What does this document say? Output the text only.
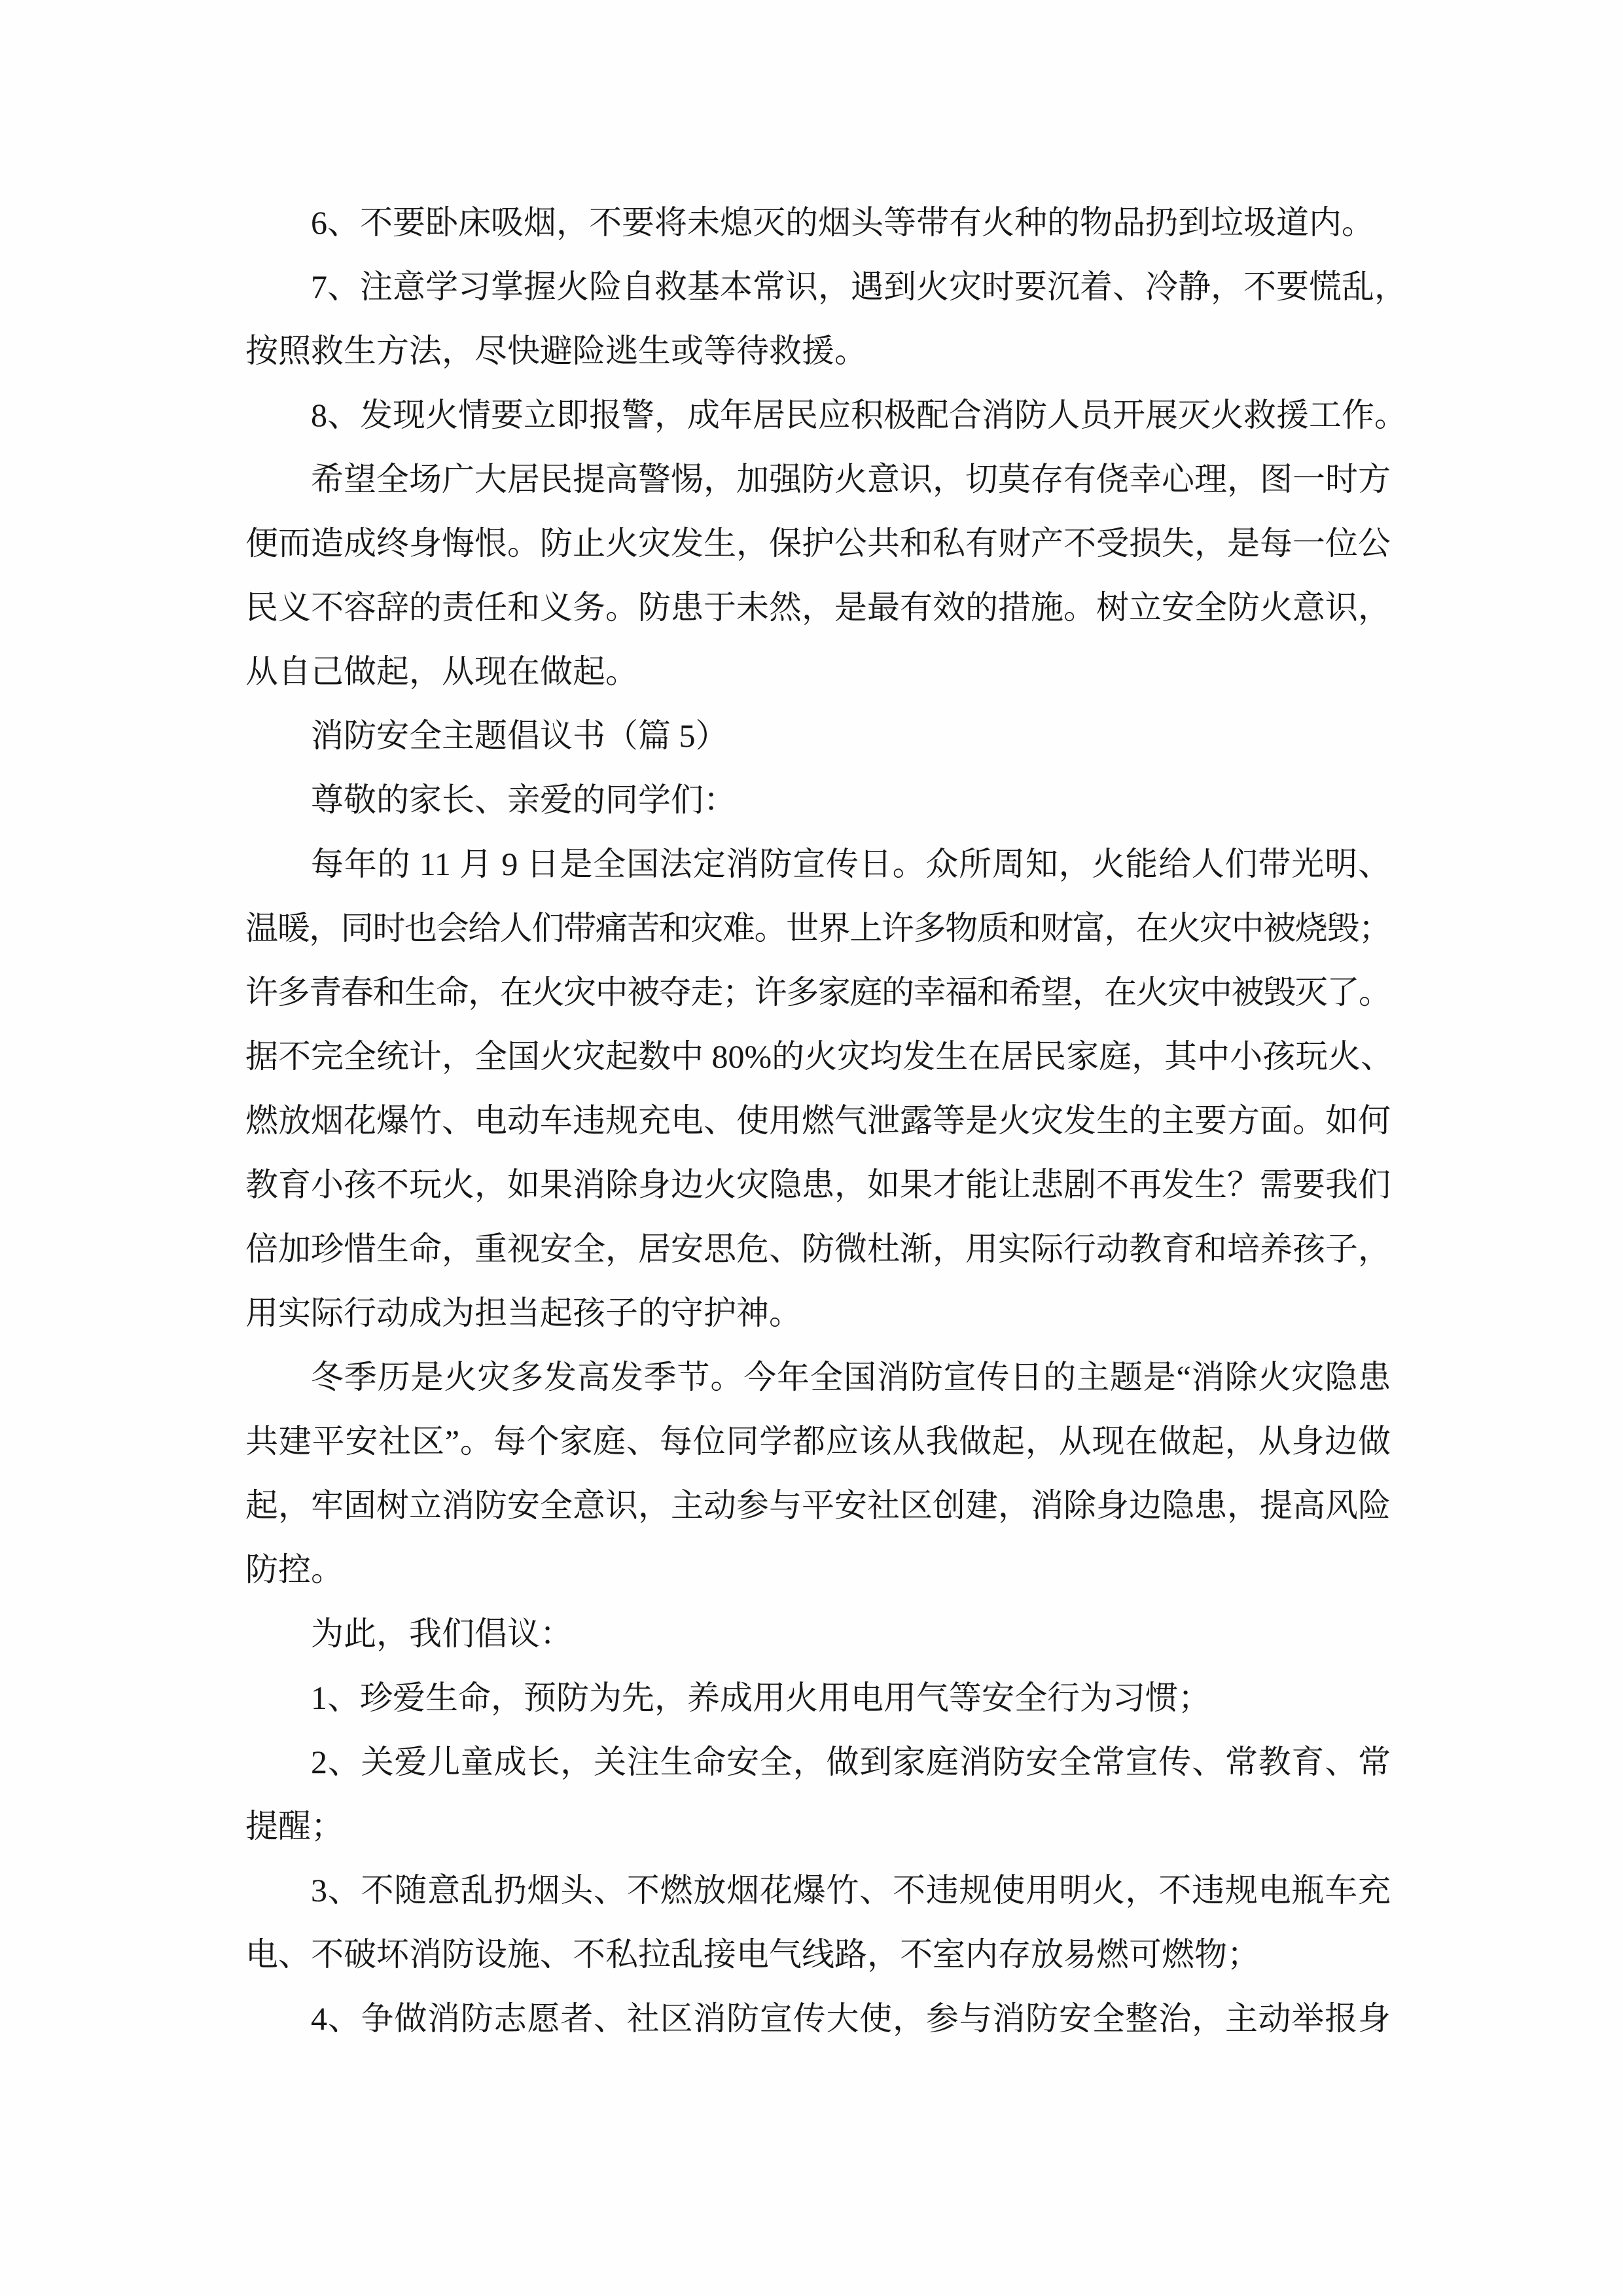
6、不要卧床吸烟，不要将未熄灭的烟头等带有火种的物品扔到垃圾道内。
7、注意学习掌握火险自救基本常识，遇到火灾时要沉着、冷静，不要慌乱，
按照救生方法，尽快避险逃生或等待救援。
8、发现火情要立即报警，成年居民应积极配合消防人员开展灭火救援工作。
希望全场广大居民提高警惕，加强防火意识，切莫存有侥幸心理，图一时方
便而造成终身悔恨。防止火灾发生，保护公共和私有财产不受损失，是每一位公
民义不容辞的责任和义务。防患于未然，是最有效的措施。树立安全防火意识，
从自己做起，从现在做起。
消防安全主题倡议书（篇 5）
尊敬的家长、亲爱的同学们：
每年的 11 月 9 日是全国法定消防宣传日。众所周知，火能给人们带光明、
温暖，同时也会给人们带痛苦和灾难。世界上许多物质和财富，在火灾中被烧毁；
许多青春和生命，在火灾中被夺走；许多家庭的幸福和希望，在火灾中被毁灭了。
据不完全统计，全国火灾起数中 80%的火灾均发生在居民家庭，其中小孩玩火、
燃放烟花爆竹、电动车违规充电、使用燃气泄露等是火灾发生的主要方面。如何
教育小孩不玩火，如果消除身边火灾隐患，如果才能让悲剧不再发生？需要我们
倍加珍惜生命，重视安全，居安思危、防微杜渐，用实际行动教育和培养孩子，
用实际行动成为担当起孩子的守护神。
冬季历是火灾多发高发季节。今年全国消防宣传日的主题是“消除火灾隐患
共建平安社区”。每个家庭、每位同学都应该从我做起，从现在做起，从身边做
起，牢固树立消防安全意识，主动参与平安社区创建，消除身边隐患，提高风险
防控。
为此，我们倡议：
1、珍爱生命，预防为先，养成用火用电用气等安全行为习惯；
2、关爱儿童成长，关注生命安全，做到家庭消防安全常宣传、常教育、常
提醒；
3、不随意乱扔烟头、不燃放烟花爆竹、不违规使用明火，不违规电瓶车充
电、不破坏消防设施、不私拉乱接电气线路，不室内存放易燃可燃物；
4、争做消防志愿者、社区消防宣传大使，参与消防安全整治，主动举报身
